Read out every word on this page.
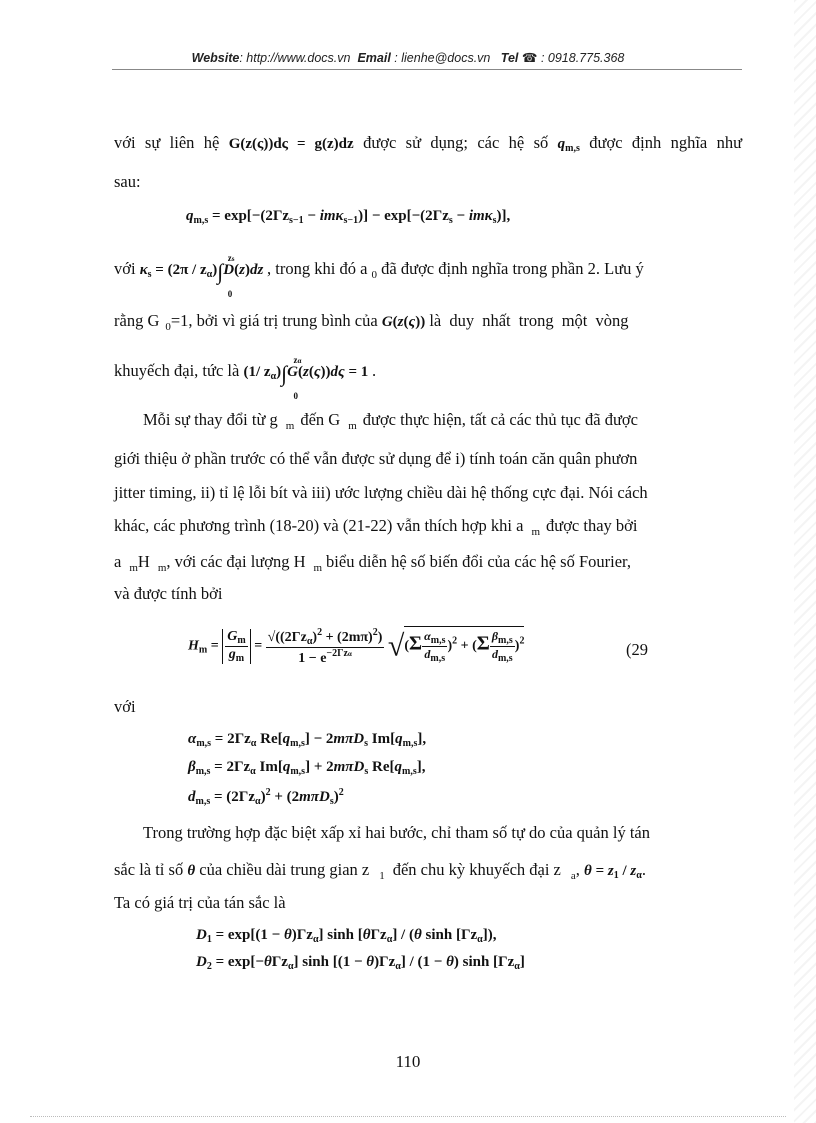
Website: http://www.docs.vn Email : lienhe@docs.vn Tel ☎ : 0918.775.368
với sự liên hệ G(z(ς))dς = g(z)dz được sử dụng; các hệ số $q_{m,s}$ được định nghĩa như
sau:
$q_{m,s} = \exp[-(2\Gamma z_{s-1} - im\kappa_{s-1})] - \exp[-(2\Gamma z_s - im\kappa_s)]$,
với $\kappa_s = (2\pi / z_\alpha)\int$
zs
0
D(z)dz , trong khi đó a $_0$ đã được định nghĩa trong phần 2. Lưu ý
rằng G $_0$=1, bởi vì giá trị trung bình của G(z(ς)) là duy nhất trong một vòng
khuyếch đại, tức là (1/ $z_\alpha)\int$
zα
0
G(z(ς))dς = 1 .
Mỗi sự thay đổi từ g $_m$ đến G $_m$ được thực hiện, tất cả các thủ tục đã được
giới thiệu ở phần trước có thể vẫn được sử dụng để i) tính toán căn quân phươn
jitter timing, ii) tỉ lệ lỗi bít và iii) ước lượng chiều dài hệ thống cực đại. Nói cách
khác, các phương trình (18-20) và (21-22) vẫn thích hợp khi a $_m$ được thay bởi
a $_m$H $_m$, với các đại lượng H $_m$ biểu diễn hệ số biến đổi của các hệ số Fourier,
và được tính bởi
$H_m = \frac{G_m}{g_m} = \frac{√((2\Gamma z_\alpha)^2 + (2m\pi)^2)}{1 - e^{-2\Gamma z\alpha}} √(\Sigma \frac{\alpha_{m,s}}{d_{m,s}} )^2 + (\Sigma \frac{\beta_{m,s}}{d_{m,s}} )^2$	(29
với
$\alpha_{m,s} = 2\Gamma z_\alpha$ $Re[q_{m,s}] - 2m\pi D_s$ $Im[q_{m,s}]$,
$\beta_{m,s} = 2\Gamma z_\alpha$ $Im[q_{m,s}] + 2m\pi D_s$ $Re[q_{m,s}]$,
$d_{m,s} = (2\Gamma z_\alpha)^2 + (2m\pi D_s)^2$
Trong trường hợp đặc biệt xấp xỉ hai bước, chỉ tham số tự do của quản lý tán
sắc là tỉ số θ của chiều dài trung gian z $_1$ đến chu kỳ khuyếch đại z $_a$, $\theta = z_1 / z_\alpha$.
Ta có giá trị của tán sắc là
$D_1 = \exp[(1 - \theta)\Gamma z_\alpha]$ sinh [θΓz$_\alpha$] / (θ $\sinh [\Gamma z_\alpha]$),
$D_2 = \exp[-\theta\Gamma z_\alpha]$ $\sinh [(1 - \theta)\Gamma z_\alpha] / (1 - \theta)$ $\sinh [\Gamma z_\alpha]$
110
